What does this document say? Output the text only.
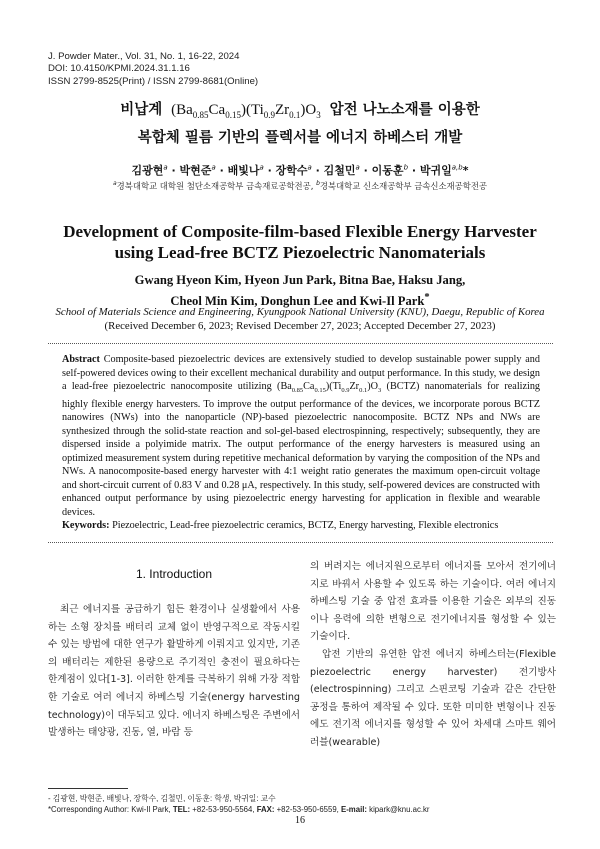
J. Powder Mater., Vol. 31, No. 1, 16-22, 2024
DOI: 10.4150/KPMI.2024.31.1.16
ISSN 2799-8525(Print) / ISSN 2799-8681(Online)
비납계  $(Ba_{0.85}Ca_{0.15})(Ti_{0.9}Zr_{0.1})O_3$ 압전 나노소재를 이용한
복합체 필름 기반의 플렉서블 에너지 하베스터 개발
김광현$^a$ · 박현준$^a$ · 배빛나$^a$ · 장학수$^a$ · 김철민$^a$ · 이동훈$^b$ · 박귀일$^{a,b}$*
$^a$경북대학교 대학원 첨단소재공학부 금속재료공학전공, $^b$경북대학교 신소재공학부 금속신소재공학전공
Development of Composite-film-based Flexible Energy Harvester
using Lead-free BCTZ Piezoelectric Nanomaterials
Gwang Hyeon Kim, Hyeon Jun Park, Bitna Bae, Haksu Jang,
Cheol Min Kim, Donghun Lee and Kwi-Il Park*
School of Materials Science and Engineering, Kyungpook National University (KNU), Daegu, Republic of Korea
(Received December 6, 2023; Revised December 27, 2023; Accepted December 27, 2023)
Abstract Composite-based piezoelectric devices are extensively studied to develop sustainable power supply and self-powered devices owing to their excellent mechanical durability and output performance. In this study, we design a lead-free piezoelectric nanocomposite utilizing $(Ba_{0.85}Ca_{0.15})(Ti_{0.9}Zr_{0.1})O_3$ (BCTZ) nanomaterials for realizing highly flexible energy harvesters. To improve the output performance of the devices, we incorporate porous BCTZ nanowires (NWs) into the nanoparticle (NP)-based piezoelectric nanocomposite. BCTZ NPs and NWs are synthesized through the solid-state reaction and sol-gel-based electrospinning, respectively; subsequently, they are dispersed inside a polyimide matrix. The output performance of the energy harvesters is measured using an optimized measurement system during repetitive mechanical deformation by varying the composition of the NPs and NWs. A nanocomposite-based energy harvester with 4:1 weight ratio generates the maximum open-circuit voltage and short-circuit current of 0.83 V and 0.28 μA, respectively. In this study, self-powered devices are constructed with enhanced output performance by using piezoelectric energy harvesting for application in flexible and wearable devices.
Keywords: Piezoelectric, Lead-free piezoelectric ceramics, BCTZ, Energy harvesting, Flexible electronics
1. Introduction
최근 에너지를 공급하기 힘든 환경이나 실생활에서 사용하는 소형 장치를 배터리 교체 없이 반영구적으로 작동시킬 수 있는 방법에 대한 연구가 활발하게 이뤄지고 있지만, 기존의 배터리는 제한된 용량으로 주기적인 충전이 필요하다는 한계점이 있다[1-3]. 이러한 한계를 극복하기 위해 가장 적합한 기술로 여러 에너지 하베스팅 기술(energy harvesting technology)이 대두되고 있다. 에너지 하베스팅은 주변에서 발생하는 태양광, 진동, 열, 바람 등
의 버려지는 에너지원으로부터 에너지를 모아서 전기에너지로 바꿔서 사용할 수 있도록 하는 기술이다. 여러 에너지 하베스팅 기술 중 압전 효과를 이용한 기술은 외부의 진동이나 응력에 의한 변형으로 전기에너지를 형성할 수 있는 기술이다.
압전 기반의 유연한 압전 에너지 하베스터는(Flexible piezoelectric energy harvester) 전기방사(electrospinning) 그리고 스핀코팅 기술과 같은 간단한 공정을 통하여 제작될 수 있다. 또한 미미한 변형이나 진동에도 전기적 에너지를 형성할 수 있어 차세대 스마트 웨어러블(wearable)
- 김광현, 박현준, 배빛나, 장학수, 김철민, 이동훈: 학생, 박귀일: 교수
*Corresponding Author: Kwi-Il Park, TEL: +82-53-950-5564, FAX: +82-53-950-6559, E-mail: kipark@knu.ac.kr
16
